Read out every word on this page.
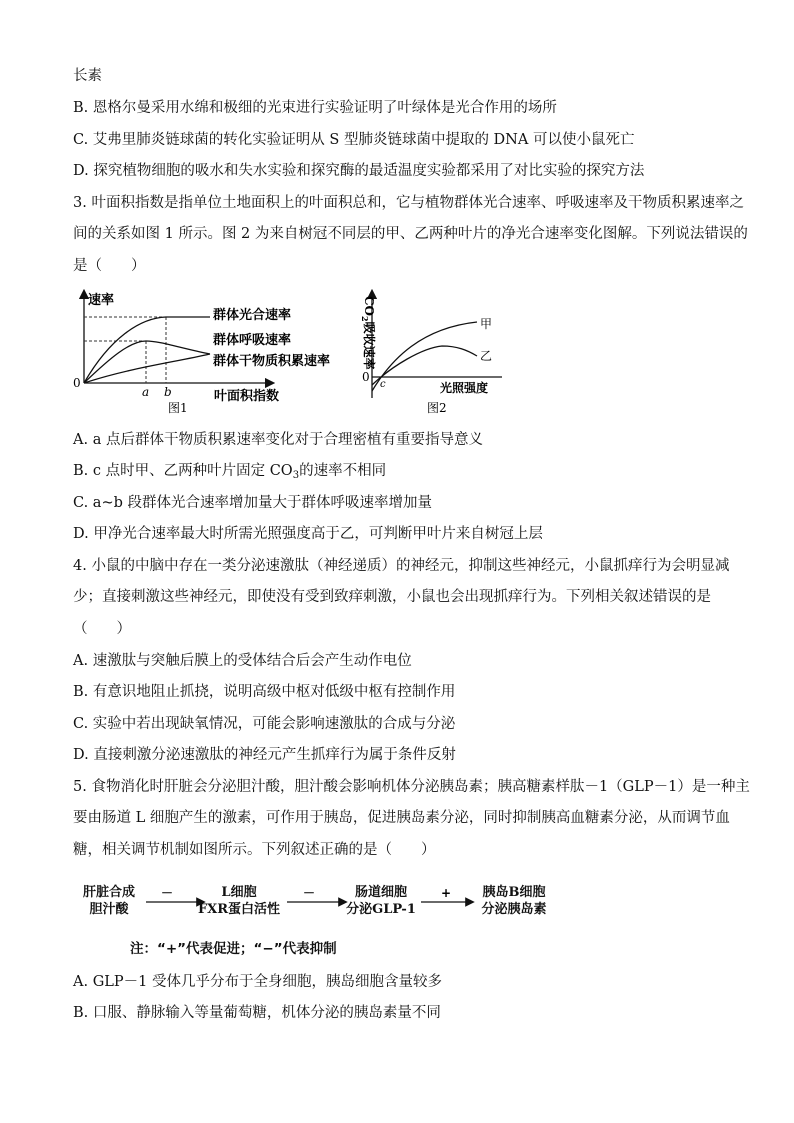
长素
B. 恩格尔曼采用水绵和极细的光束进行实验证明了叶绿体是光合作用的场所
C. 艾弗里肺炎链球菌的转化实验证明从 S 型肺炎链球菌中提取的 DNA 可以使小鼠死亡
D. 探究植物细胞的吸水和失水实验和探究酶的最适温度实验都采用了对比实验的探究方法
3. 叶面积指数是指单位土地面积上的叶面积总和，它与植物群体光合速率、呼吸速率及干物质积累速率之
间的关系如图 1 所示。图 2 为来自树冠不同层的甲、乙两种叶片的净光合速率变化图解。下列说法错误的
是（　　）
速率
0
a b	叶面积指数
群体光合速率
群体呼吸速率
群体干物质积累速率
图1
$CO_2$吸收速率
0
c
甲
乙
光照强度
图2
A. a 点后群体干物质积累速率变化对于合理密植有重要指导意义
B. c 点时甲、乙两种叶片固定 $CO_3$的速率不相同
C. a~b 段群体光合速率增加量大于群体呼吸速率增加量
D. 甲净光合速率最大时所需光照强度高于乙，可判断甲叶片来自树冠上层
4. 小鼠的中脑中存在一类分泌速激肽（神经递质）的神经元，抑制这些神经元，小鼠抓痒行为会明显减
少；直接刺激这些神经元，即使没有受到致痒刺激，小鼠也会出现抓痒行为。下列相关叙述错误的是
（　　）
A. 速激肽与突触后膜上的受体结合后会产生动作电位
B. 有意识地阻止抓挠，说明高级中枢对低级中枢有控制作用
C. 实验中若出现缺氧情况，可能会影响速激肽的合成与分泌
D. 直接刺激分泌速激肽的神经元产生抓痒行为属于条件反射
5. 食物消化时肝脏会分泌胆汁酸，胆汁酸会影响机体分泌胰岛素；胰高糖素样肽－1（GLP－1）是一种主
要由肠道 L 细胞产生的激素，可作用于胰岛，促进胰岛素分泌，同时抑制胰高血糖素分泌，从而调节血
糖，相关调节机制如图所示。下列叙述正确的是（　　）
肝脏合成
胆汁酸
L细胞
FXR蛋白活性
肠道细胞
分泌GLP-1
胰岛B细胞
分泌胰岛素
－	－	+
注：“+”代表促进；“−”代表抑制
A. GLP－1 受体几乎分布于全身细胞，胰岛细胞含量较多
B. 口服、静脉输入等量葡萄糖，机体分泌的胰岛素量不同
